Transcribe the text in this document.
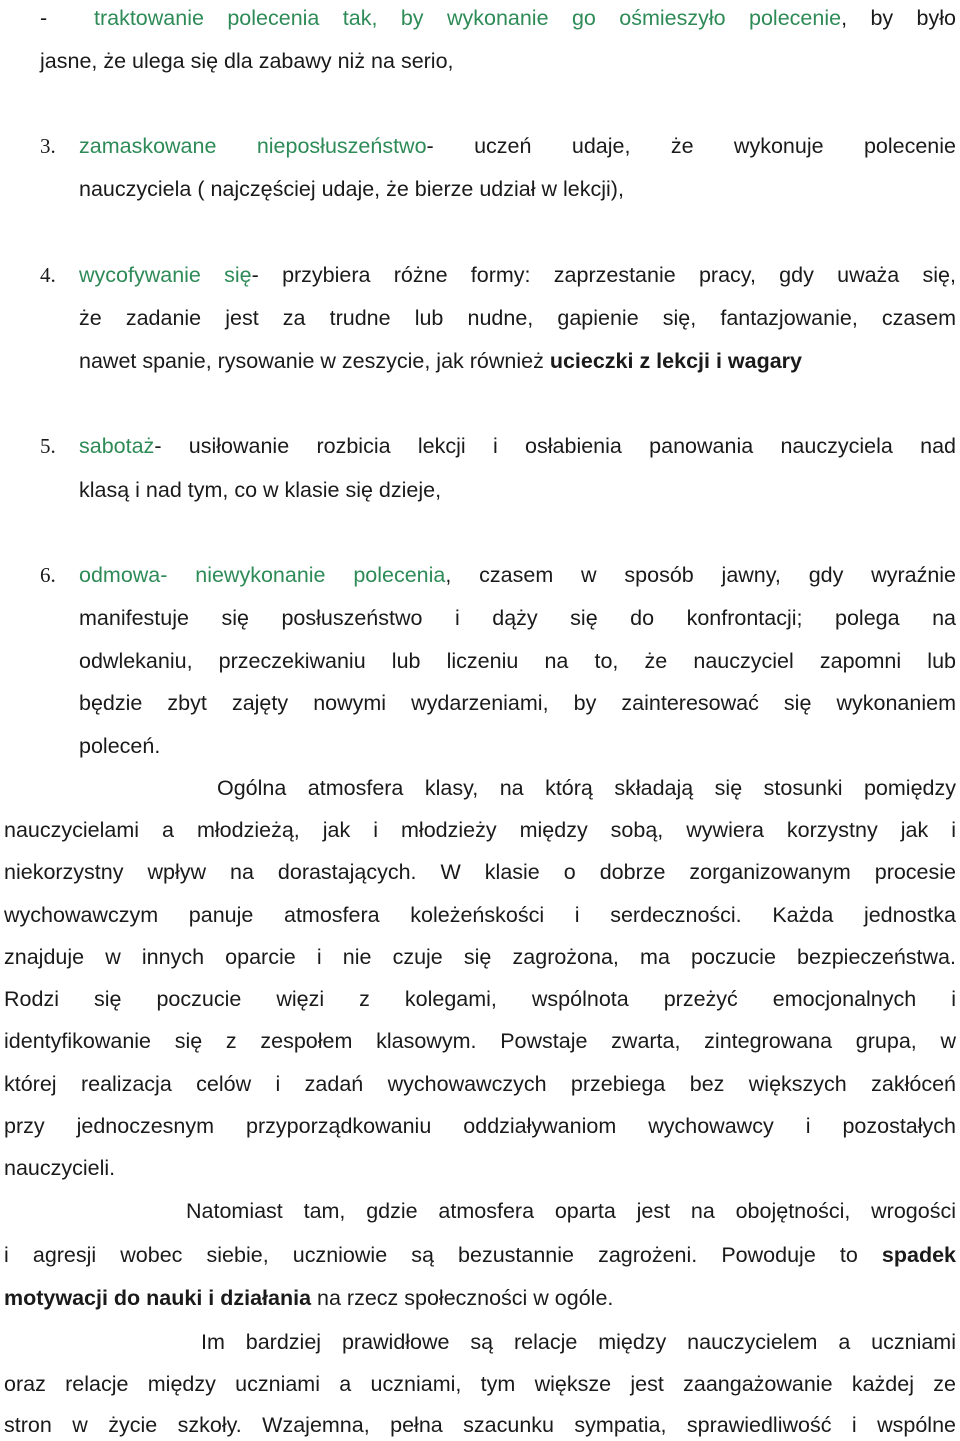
- traktowanie polecenia tak, by wykonanie go ośmieszyło polecenie, by było
jasne, że ulega się dla zabawy niż na serio,
3. zamaskowane nieposłuszeństwo- uczeń udaje, że wykonuje polecenie
nauczyciela ( najczęściej udaje, że bierze udział w lekcji),
4. wycofywanie się- przybiera różne formy: zaprzestanie pracy, gdy uważa się,
że zadanie jest za trudne lub nudne, gapienie się, fantazjowanie, czasem
nawet spanie, rysowanie w zeszycie, jak również ucieczki z lekcji i wagary
5. sabotaż- usiłowanie rozbicia lekcji i osłabienia panowania nauczyciela nad
klasą i nad tym, co w klasie się dzieje,
6. odmowa- niewykonanie polecenia, czasem w sposób jawny, gdy wyraźnie
manifestuje się posłuszeństwo i dąży się do konfrontacji; polega na
odwlekaniu, przeczekiwaniu lub liczeniu na to, że nauczyciel zapomni lub
będzie zbyt zajęty nowymi wydarzeniami, by zainteresować się wykonaniem
poleceń.
Ogólna atmosfera klasy, na którą składają się stosunki pomiędzy
nauczycielami a młodzieżą, jak i młodzieży między sobą, wywiera korzystny jak i
niekorzystny wpływ na dorastających. W klasie o dobrze zorganizowanym procesie
wychowawczym panuje atmosfera koleżeńskości i serdeczności. Każda jednostka
znajduje w innych oparcie i nie czuje się zagrożona, ma poczucie bezpieczeństwa.
Rodzi się poczucie więzi z kolegami, wspólnota przeżyć emocjonalnych i
identyfikowanie się z zespołem klasowym. Powstaje zwarta, zintegrowana grupa, w
której realizacja celów i zadań wychowawczych przebiega bez większych zakłóceń
przy jednoczesnym przyporządkowaniu oddziaływaniom wychowawcy i pozostałych
nauczycieli.
Natomiast tam, gdzie atmosfera oparta jest na obojętności, wrogości
i agresji wobec siebie, uczniowie są bezustannie zagrożeni. Powoduje to spadek
motywacji do nauki i działania na rzecz społeczności w ogóle.
Im bardziej prawidłowe są relacje między nauczycielem a uczniami
oraz relacje między uczniami a uczniami, tym większe jest zaangażowanie każdej ze
stron w życie szkoły. Wzajemna, pełna szacunku sympatia, sprawiedliwość i wspólne
